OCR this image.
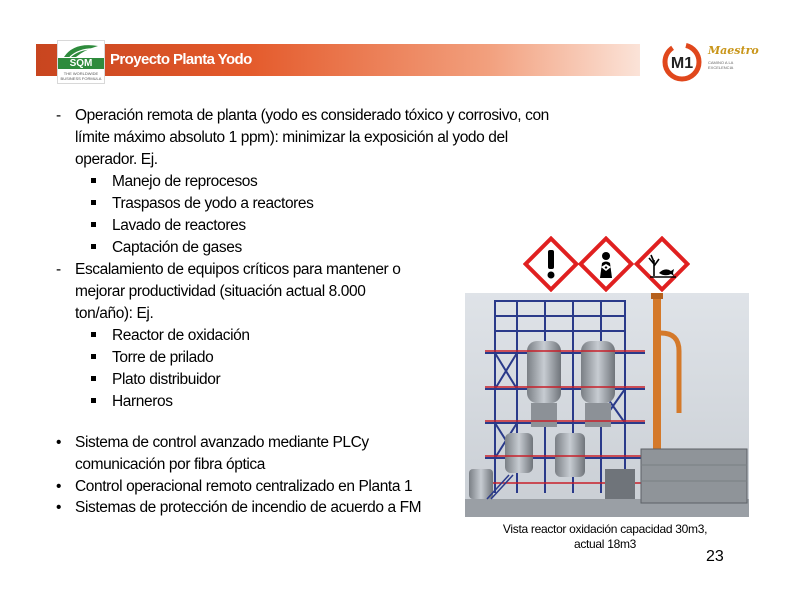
SQM
THE WORLDWIDE BUSINESS FORMULA
Proyecto Planta Yodo	M1
Maestro
CAMINO A LA EXCELENCIA
- Operación remota de planta (yodo es considerado tóxico y corrosivo, con
límite máximo absoluto 1 ppm): minimizar la exposición al yodo del
operador. Ej.
Manejo de reprocesos
Traspasos de yodo a reactores
Lavado de reactores
Captación de gases
- Escalamiento de equipos críticos para mantener o
mejorar productividad (situación actual 8.000
ton/año): Ej.
Reactor de oxidación
Torre de prilado
Plato distribuidor
Harneros
• Sistema de control avanzado mediante PLCy
comunicación por fibra óptica
• Control operacional remoto centralizado en Planta 1
• Sistemas de protección de incendio de acuerdo a FM
Vista reactor oxidación capacidad 30m3,
actual 18m3
23
